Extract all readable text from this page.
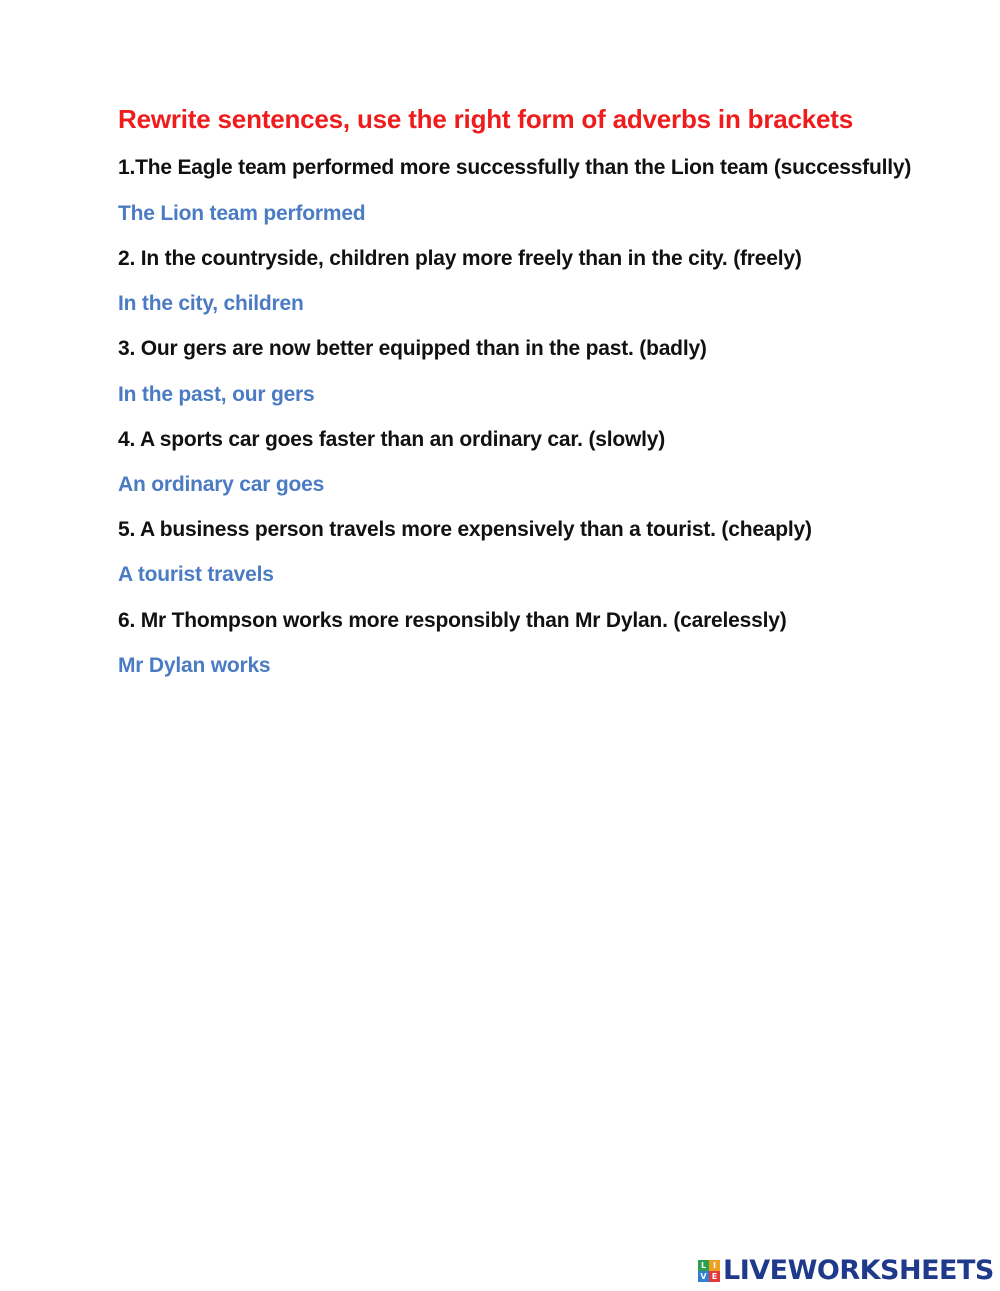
Rewrite sentences, use the right form of adverbs in brackets
1.The Eagle team performed more successfully than the Lion team (successfully)
The Lion team performed
2. In the countryside, children play more freely than in the city. (freely)
In the city, children
3. Our gers are now better equipped than in the past. (badly)
In the past, our gers
4. A sports car goes faster than an ordinary car. (slowly)
An ordinary car goes
5. A business person travels more expensively than a tourist. (cheaply)
A tourist travels
6. Mr Thompson works more responsibly than Mr Dylan. (carelessly)
Mr Dylan works
L I
V E LIVEWORKSHEETS
